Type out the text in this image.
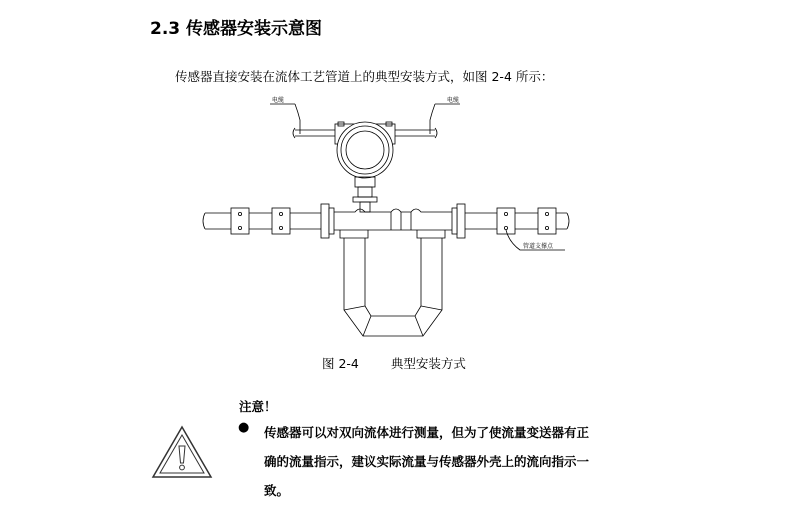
2.3 传感器安装示意图
传感器直接安装在流体工艺管道上的典型安装方式，如图 2-4 所示：
电缆	电缆
管道支撑点
图 2-4	典型安装方式
注意！
● 传感器可以对双向流体进行测量，但为了使流量变送器有正
确的流量指示，建议实际流量与传感器外壳上的流向指示一
致。
